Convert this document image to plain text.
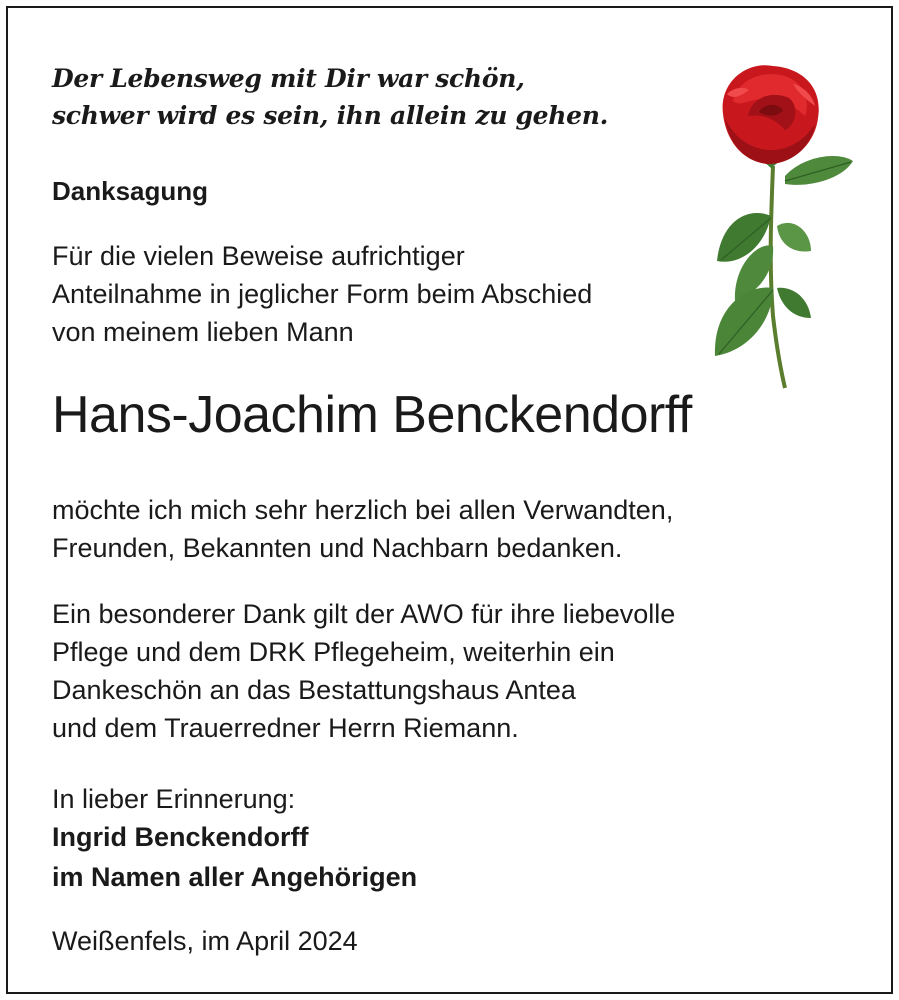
Der Lebensweg mit Dir war schön,
schwer wird es sein, ihn allein zu gehen.
Danksagung
Für die vielen Beweise aufrichtiger
Anteilnahme in jeglicher Form beim Abschied
von meinem lieben Mann
Hans-Joachim Benckendorff
möchte ich mich sehr herzlich bei allen Verwandten,
Freunden, Bekannten und Nachbarn bedanken.
Ein besonderer Dank gilt der AWO für ihre liebevolle
Pflege und dem DRK Pflegeheim, weiterhin ein
Dankeschön an das Bestattungshaus Antea
und dem Trauerredner Herrn Riemann.
In lieber Erinnerung:
Ingrid Benckendorff
im Namen aller Angehörigen
Weißenfels, im April 2024
